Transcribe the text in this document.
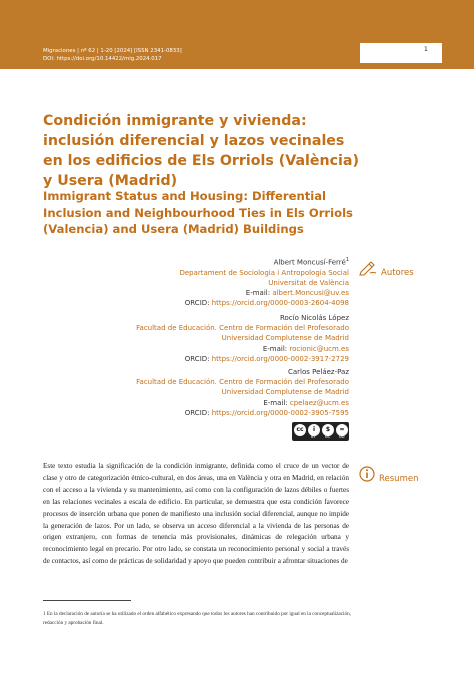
Migraciones | nº 62 | 1-20 [2024] [ISSN 2341-0833]
DOI: https://doi.org/10.14422/mig.2024.017
1
Condición inmigrante y vivienda: inclusión diferencial y lazos vecinales en los edificios de Els Orriols (València) y Usera (Madrid)
Immigrant Status and Housing: Differential Inclusion and Neighbourhood Ties in Els Orriols (Valencia) and Usera (Madrid) Buildings
Autores
Albert Moncusí-Ferré$^1$
Departament de Sociologia i Antropologia Social
Universitat de València
E-mail: albert.Moncusi@uv.es
ORCID: https://orcid.org/0000-0003-2604-4098
Rocío Nicolás López
Facultad de Educación. Centro de Formación del Profesorado
Universidad Complutense de Madrid
E-mail: rocionic@ucm.es
ORCID: https://orcid.org/0000-0002-3917-2729
Carlos Peláez-Paz
Facultad de Educación. Centro de Formación del Profesorado
Universidad Complutense de Madrid
E-mail: cpelaez@ucm.es
ORCID: https://orcid.org/0000-0002-3905-7595
cc	i	$	=
BY	NC ND
Resumen
Este texto estudia la significación de la condición inmigrante, definida como el cruce de un vector de clase y otro de categorización étnico-cultural, en dos áreas, una en València y otra en Madrid, en relación con el acceso a la vivienda y su mantenimiento, así como con la configuración de lazos débiles o fuertes en las relaciones vecinales a escala de edificio. En particular, se demuestra que esta condición favorece procesos de inserción urbana que ponen de manifiesto una inclusión social diferencial, aunque no impide la generación de lazos. Por un lado, se observa un acceso diferencial a la vivienda de las personas de origen extranjero, con formas de tenencia más provisionales, dinámicas de relegación urbana y reconocimiento legal en precario. Por otro lado, se constata un reconocimiento personal y social a través de contactos, así como de prácticas de solidaridad y apoyo que pueden contribuir a afrontar situaciones de
1 En la declaración de autoría se ha utilizado el orden alfabético expresando que todos los autores han contribuido por igual en la conceptualización, redacción y aprobación final.
